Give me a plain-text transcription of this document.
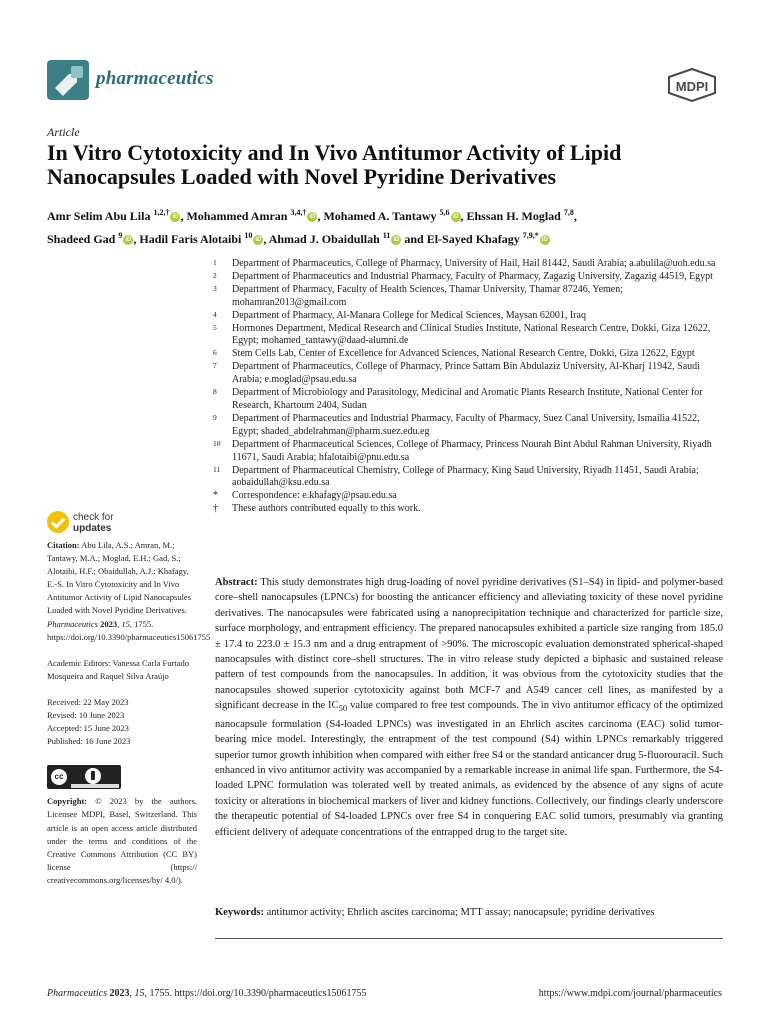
pharmaceutics	MDPI
Article
In Vitro Cytotoxicity and In Vivo Antitumor Activity of Lipid Nanocapsules Loaded with Novel Pyridine Derivatives
Amr Selim Abu Lila $^{1,2,\dagger}$iD , Mohammed Amran $^{3,4,\dagger}$iD , Mohamed A. Tantawy $^{5,6}$iD , Ehssan H. Moglad $^{7,8}$,
Shadeed Gad $^9$iD , Hadil Faris Alotaibi $^{10}$iD , Ahmad J. Obaidullah $^{11}$iD and El-Sayed Khafagy $^{7,9,*}$iD
1	Department of Pharmaceutics, College of Pharmacy, University of Hail, Hail 81442, Saudi Arabia; a.abulila@uoh.edu.sa
2	Department of Pharmaceutics and Industrial Pharmacy, Faculty of Pharmacy, Zagazig University, Zagazig 44519, Egypt
3	Department of Pharmacy, Faculty of Health Sciences, Thamar University, Thamar 87246, Yemen; mohamran2013@gmail.com
4	Department of Pharmacy, Al-Manara College for Medical Sciences, Maysan 62001, Iraq
5	Hormones Department, Medical Research and Clinical Studies Institute, National Research Centre, Dokki, Giza 12622, Egypt; mohamed_tantawy@daad-alumni.de
6	Stem Cells Lab, Center of Excellence for Advanced Sciences, National Research Centre, Dokki, Giza 12622, Egypt
7	Department of Pharmaceutics, College of Pharmacy, Prince Sattam Bin Abdulaziz University, Al-Kharj 11942, Saudi Arabia; e.moglad@psau.edu.sa
8	Department of Microbiology and Parasitology, Medicinal and Aromatic Plants Research Institute, National Center for Research, Khartoum 2404, Sudan
9	Department of Pharmaceutics and Industrial Pharmacy, Faculty of Pharmacy, Suez Canal University, Ismailia 41522, Egypt; shaded_abdelrahman@pharm.suez.edu.eg
10	Department of Pharmaceutical Sciences, College of Pharmacy, Princess Nourah Bint Abdul Rahman University, Riyadh 11671, Saudi Arabia; hfalotaibi@pnu.edu.sa
11	Department of Pharmaceutical Chemistry, College of Pharmacy, King Saud University, Riyadh 11451, Saudi Arabia; aobaidullah@ksu.edu.sa
*	Correspondence: e.khafagy@psau.edu.sa
†	These authors contributed equally to this work.
check for
updates

Citation: Abu Lila, A.S.; Amran, M.; Tantawy, M.A.; Moglad, E.H.; Gad, S.; Alotaibi, H.F.; Obaidullah, A.J.; Khafagy, E.-S. In Vitro Cytotoxicity and In Vivo Antitumor Activity of Lipid Nanocapsules Loaded with Novel Pyridine Derivatives. Pharmaceutics 2023, 15, 1755. https://doi.org/10.3390/pharmaceutics15061755

Academic Editors: Vanessa Carla Furtado Mosqueira and Raquel Silva Araújo

Received: 22 May 2023

Revised: 10 June 2023

Accepted: 15 June 2023

Published: 16 June 2023

cc

Copyright: © 2023 by the authors. Licensee MDPI, Basel, Switzerland. This article is an open access article distributed under the terms and conditions of the Creative Commons Attribution (CC BY) license (https:// creativecommons.org/licenses/by/ 4.0/).

Abstract: This study demonstrates high drug-loading of novel pyridine derivatives (S1–S4) in lipid- and polymer-based core–shell nanocapsules (LPNCs) for boosting the anticancer efficiency and alleviating toxicity of these novel pyridine derivatives. The nanocapsules were fabricated using a nanoprecipitation technique and characterized for particle size, surface morphology, and entrapment efficiency. The prepared nanocapsules exhibited a particle size ranging from 185.0 ± 17.4 to 223.0 ± 15.3 nm and a drug entrapment of >90%. The microscopic evaluation demonstrated spherical-shaped nanocapsules with distinct core–shell structures. The in vitro release study depicted a biphasic and sustained release pattern of test compounds from the nanocapsules. In addition, it was obvious from the cytotoxicity studies that the nanocapsules showed superior cytotoxicity against both MCF-7 and A549 cancer cell lines, as manifested by a significant decrease in the $IC_{50}$ value compared to free test compounds. The in vivo antitumor efficacy of the optimized nanocapsule formulation (S4-loaded LPNCs) was investigated in an Ehrlich ascites carcinoma (EAC) solid tumor-bearing mice model. Interestingly, the entrapment of the test compound (S4) within LPNCs remarkably triggered superior tumor growth inhibition when compared with either free S4 or the standard anticancer drug 5-fluorouracil. Such enhanced in vivo antitumor activity was accompanied by a remarkable increase in animal life span. Furthermore, the S4-loaded LPNC formulation was tolerated well by treated animals, as evidenced by the absence of any signs of acute toxicity or alterations in biochemical markers of liver and kidney functions. Collectively, our findings clearly underscore the therapeutic potential of S4-loaded LPNCs over free S4 in conquering EAC solid tumors, presumably via granting efficient delivery of adequate concentrations of the entrapped drug to the target site.
Keywords: antitumor activity; Ehrlich ascites carcinoma; MTT assay; nanocapsule; pyridine derivatives
Pharmaceutics 2023, 15, 1755. https://doi.org/10.3390/pharmaceutics15061755	https://www.mdpi.com/journal/pharmaceutics
